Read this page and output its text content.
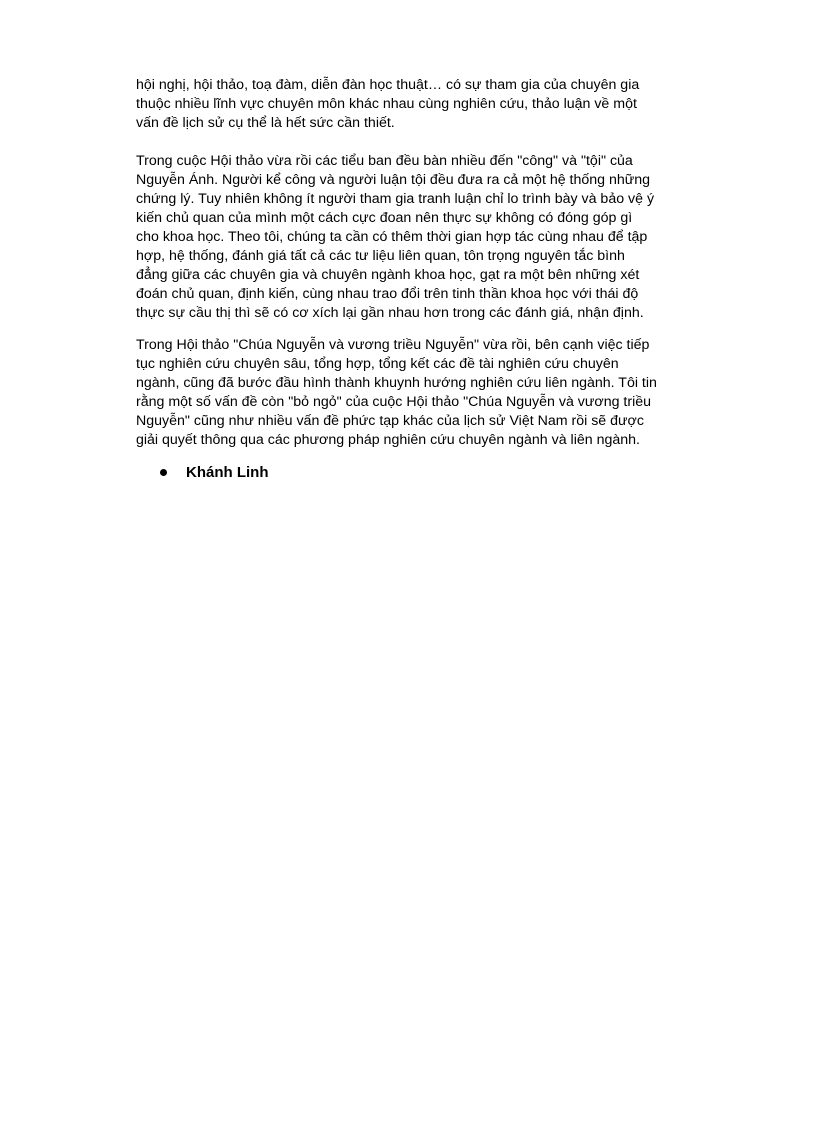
hội nghị, hội thảo, toạ đàm, diễn đàn học thuật… có sự tham gia của chuyên gia
thuộc nhiều lĩnh vực chuyên môn khác nhau cùng nghiên cứu, thảo luận về một
vấn đề lịch sử cụ thể là hết sức cần thiết.

Trong cuộc Hội thảo vừa rồi các tiểu ban đều bàn nhiều đến "công" và "tội" của
Nguyễn Ánh. Người kể công và người luận tội đều đưa ra cả một hệ thống những
chứng lý. Tuy nhiên không ít người tham gia tranh luận chỉ lo trình bày và bảo vệ ý
kiến chủ quan của mình một cách cực đoan nên thực sự không có đóng góp gì
cho khoa học. Theo tôi, chúng ta cần có thêm thời gian hợp tác cùng nhau để tập
hợp, hệ thống, đánh giá tất cả các tư liệu liên quan, tôn trọng nguyên tắc bình
đẳng giữa các chuyên gia và chuyên ngành khoa học, gạt ra một bên những xét
đoán chủ quan, định kiến, cùng nhau trao đổi trên tinh thần khoa học với thái độ
thực sự cầu thị thì sẽ có cơ xích lại gần nhau hơn trong các đánh giá, nhận định.

Trong Hội thảo "Chúa Nguyễn và vương triều Nguyễn" vừa rồi, bên cạnh việc tiếp
tục nghiên cứu chuyên sâu, tổng hợp, tổng kết các đề tài nghiên cứu chuyên
ngành, cũng đã bước đầu hình thành khuynh hướng nghiên cứu liên ngành. Tôi tin
rằng một số vấn đề còn "bỏ ngỏ" của cuộc Hội thảo "Chúa Nguyễn và vương triều
Nguyễn" cũng như nhiều vấn đề phức tạp khác của lịch sử Việt Nam rồi sẽ được
giải quyết thông qua các phương pháp nghiên cứu chuyên ngành và liên ngành.

Khánh Linh
